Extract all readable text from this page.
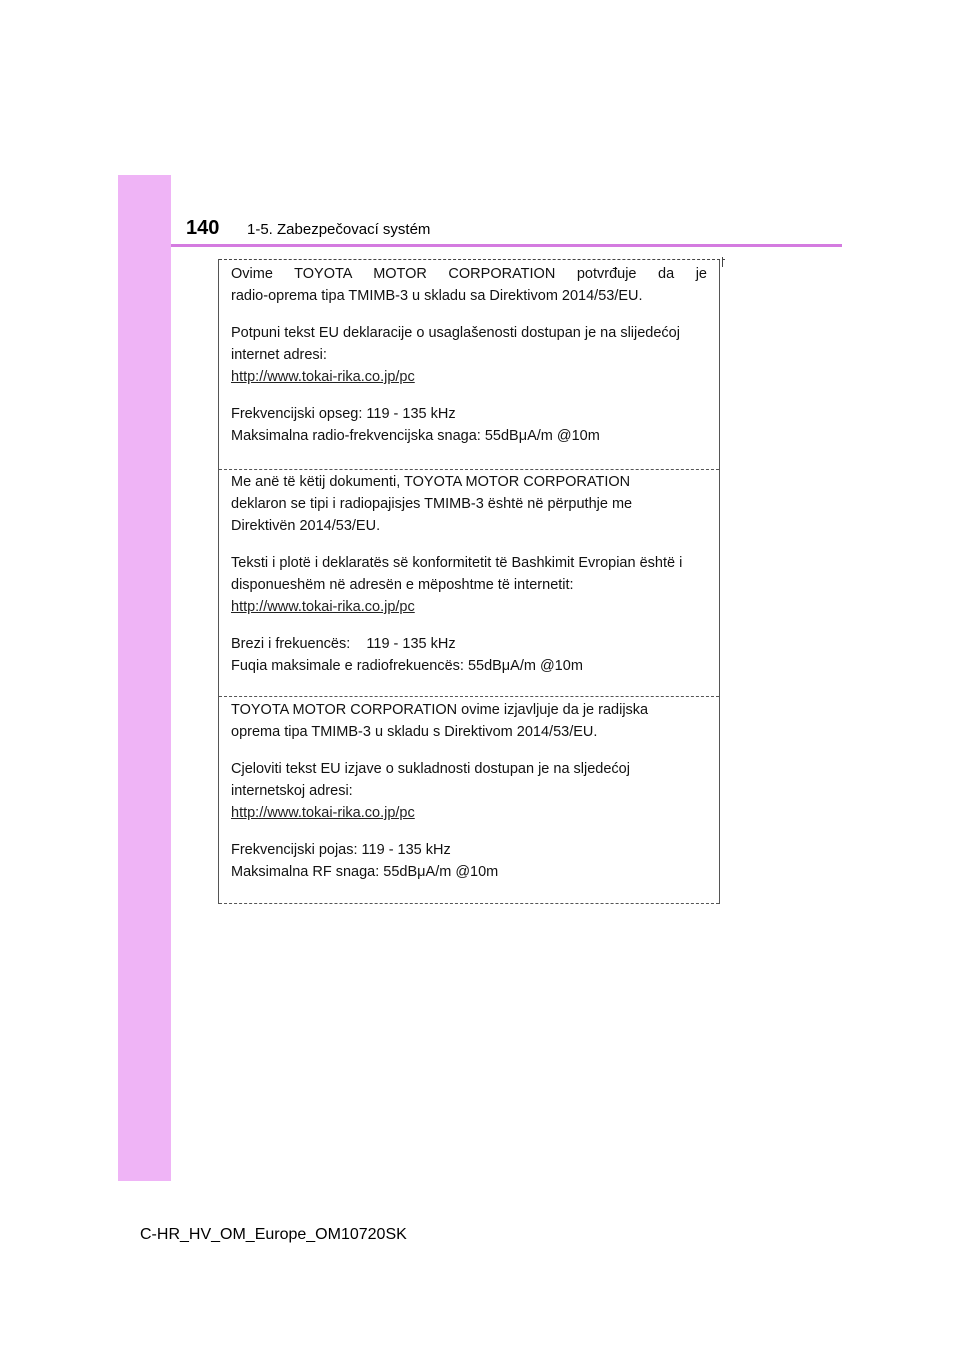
140 1-5. Zabezpečovací systém

Ovime TOYOTA MOTOR CORPORATION potvrđuje da je

radio-oprema tipa TMIMB-3 u skladu sa Direktivom 2014/53/EU.

Potpuni tekst EU deklaracije o usaglašenosti dostupan je na slijedećoj

internet adresi:

http://www.tokai-rika.co.jp/pc

Frekvencijski opseg: 119 - 135 kHz

Maksimalna radio-frekvencijska snaga: 55dBμA/m @10m

Me anë të këtij dokumenti, TOYOTA MOTOR CORPORATION

deklaron se tipi i radiopajisjes TMIMB-3 është në përputhje me

Direktivën 2014/53/EU.

Teksti i plotë i deklaratës së konformitetit të Bashkimit Evropian është i

disponueshëm në adresën e mëposhtme të internetit:

http://www.tokai-rika.co.jp/pc

Brezi i frekuencës:    119 - 135 kHz

Fuqia maksimale e radiofrekuencës: 55dBμA/m @10m

TOYOTA MOTOR CORPORATION ovime izjavljuje da je radijska

oprema tipa TMIMB-3 u skladu s Direktivom 2014/53/EU.

Cjeloviti tekst EU izjave o sukladnosti dostupan je na sljedećoj

internetskoj adresi:

http://www.tokai-rika.co.jp/pc

Frekvencijski pojas: 119 - 135 kHz

Maksimalna RF snaga: 55dBμA/m @10m

C-HR_HV_OM_Europe_OM10720SK
